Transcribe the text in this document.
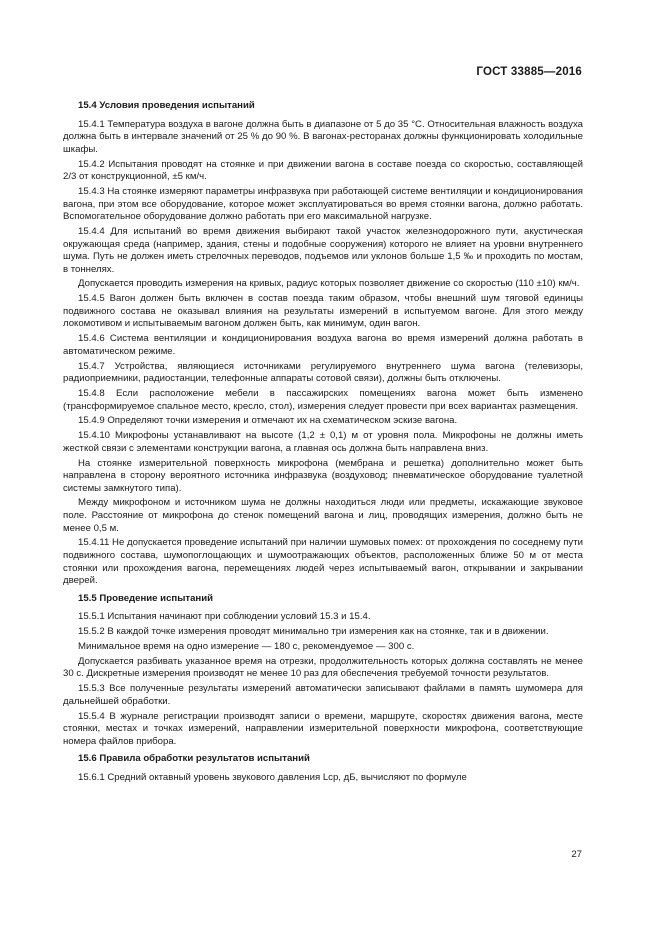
ГОСТ 33885—2016

15.4 Условия проведения испытаний

15.4.1 Температура воздуха в вагоне должна быть в диапазоне от 5 до 35 °С. Относительная влажность воздуха должна быть в интервале значений от 25 % до 90 %. В вагонах-ресторанах должны функционировать холодильные шкафы.

15.4.2 Испытания проводят на стоянке и при движении вагона в составе поезда со скоростью, составляющей 2/3 от конструкционной, ±5 км/ч.

15.4.3 На стоянке измеряют параметры инфразвука при работающей системе вентиляции и кондиционирования вагона, при этом все оборудование, которое может эксплуатироваться во время стоянки вагона, должно работать. Вспомогательное оборудование должно работать при его максимальной нагрузке.

15.4.4 Для испытаний во время движения выбирают такой участок железнодорожного пути, акустическая окружающая среда (например, здания, стены и подобные сооружения) которого не влияет на уровни внутреннего шума. Путь не должен иметь стрелочных переводов, подъемов или уклонов больше 1,5 ‰ и проходить по мостам, в тоннелях.

Допускается проводить измерения на кривых, радиус которых позволяет движение со скоростью (110 ±10) км/ч.

15.4.5 Вагон должен быть включен в состав поезда таким образом, чтобы внешний шум тяговой единицы подвижного состава не оказывал влияния на результаты измерений в испытуемом вагоне. Для этого между локомотивом и испытываемым вагоном должен быть, как минимум, один вагон.

15.4.6 Система вентиляции и кондиционирования воздуха вагона во время измерений должна работать в автоматическом режиме.

15.4.7 Устройства, являющиеся источниками регулируемого внутреннего шума вагона (телевизоры, радиоприемники, радиостанции, телефонные аппараты сотовой связи), должны быть отключены.

15.4.8 Если расположение мебели в пассажирских помещениях вагона может быть изменено (трансформируемое спальное место, кресло, стол), измерения следует провести при всех вариантах размещения.

15.4.9 Определяют точки измерения и отмечают их на схематическом эскизе вагона.

15.4.10 Микрофоны устанавливают на высоте (1,2 ± 0,1) м от уровня пола. Микрофоны не должны иметь жесткой связи с элементами конструкции вагона, а главная ось должна быть направлена вниз.

На стоянке измерительной поверхность микрофона (мембрана и решетка) дополнительно может быть направлена в сторону вероятного источника инфразвука (воздуховод; пневматическое оборудование туалетной системы замкнутого типа).

Между микрофоном и источником шума не должны находиться люди или предметы, искажающие звуковое поле. Расстояние от микрофона до стенок помещений вагона и лиц, проводящих измерения, должно быть не менее 0,5 м.

15.4.11 Не допускается проведение испытаний при наличии шумовых помех: от прохождения по соседнему пути подвижного состава, шумопоглощающих и шумоотражающих объектов, расположенных ближе 50 м от места стоянки или прохождения вагона, перемещениях людей через испытываемый вагон, открывании и закрывании дверей.

15.5 Проведение испытаний

15.5.1 Испытания начинают при соблюдении условий 15.3 и 15.4.

15.5.2 В каждой точке измерения проводят минимально три измерения как на стоянке, так и в движении.

Минимальное время на одно измерение — 180 с, рекомендуемое — 300 с.

Допускается разбивать указанное время на отрезки, продолжительность которых должна составлять не менее 30 с. Дискретные измерения производят не менее 10 раз для обеспечения требуемой точности результатов.

15.5.3 Все полученные результаты измерений автоматически записывают файлами в память шумомера для дальнейшей обработки.

15.5.4 В журнале регистрации производят записи о времени, маршруте, скоростях движения вагона, месте стоянки, местах и точках измерений, направлении измерительной поверхности микрофона, соответствующие номера файлов прибора.

15.6 Правила обработки результатов испытаний

15.6.1 Средний октавный уровень звукового давления Lср, дБ, вычисляют по формуле

27
